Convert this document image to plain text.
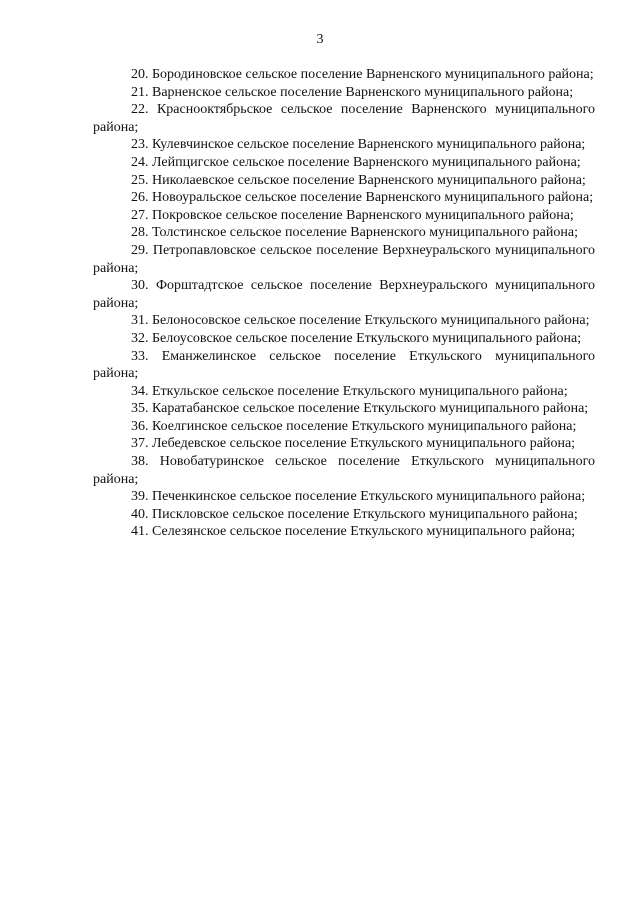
3
20. Бородиновское сельское поселение Варненского муниципального района;
21. Варненское сельское поселение Варненского муниципального района;
22. Краснооктябрьское сельское поселение Варненского муниципального района;
23. Кулевчинское сельское поселение Варненского муниципального района;
24. Лейпцигское сельское поселение Варненского муниципального района;
25. Николаевское сельское поселение Варненского муниципального района;
26. Новоуральское сельское поселение Варненского муниципального района;
27. Покровское сельское поселение Варненского муниципального района;
28. Толстинское сельское поселение Варненского муниципального района;
29. Петропавловское сельское поселение Верхнеуральского муниципального района;
30. Форштадтское сельское поселение Верхнеуральского муниципального района;
31. Белоносовское сельское поселение Еткульского муниципального района;
32. Белоусовское сельское поселение Еткульского муниципального района;
33. Еманжелинское сельское поселение Еткульского муниципального района;
34. Еткульское сельское поселение Еткульского муниципального района;
35. Каратабанское сельское поселение Еткульского муниципального района;
36. Коелгинское сельское поселение Еткульского муниципального района;
37. Лебедевское сельское поселение Еткульского муниципального района;
38. Новобатуринское сельское поселение Еткульского муниципального района;
39. Печенкинское сельское поселение Еткульского муниципального района;
40. Пискловское сельское поселение Еткульского муниципального района;
41. Селезянское сельское поселение Еткульского муниципального района;
